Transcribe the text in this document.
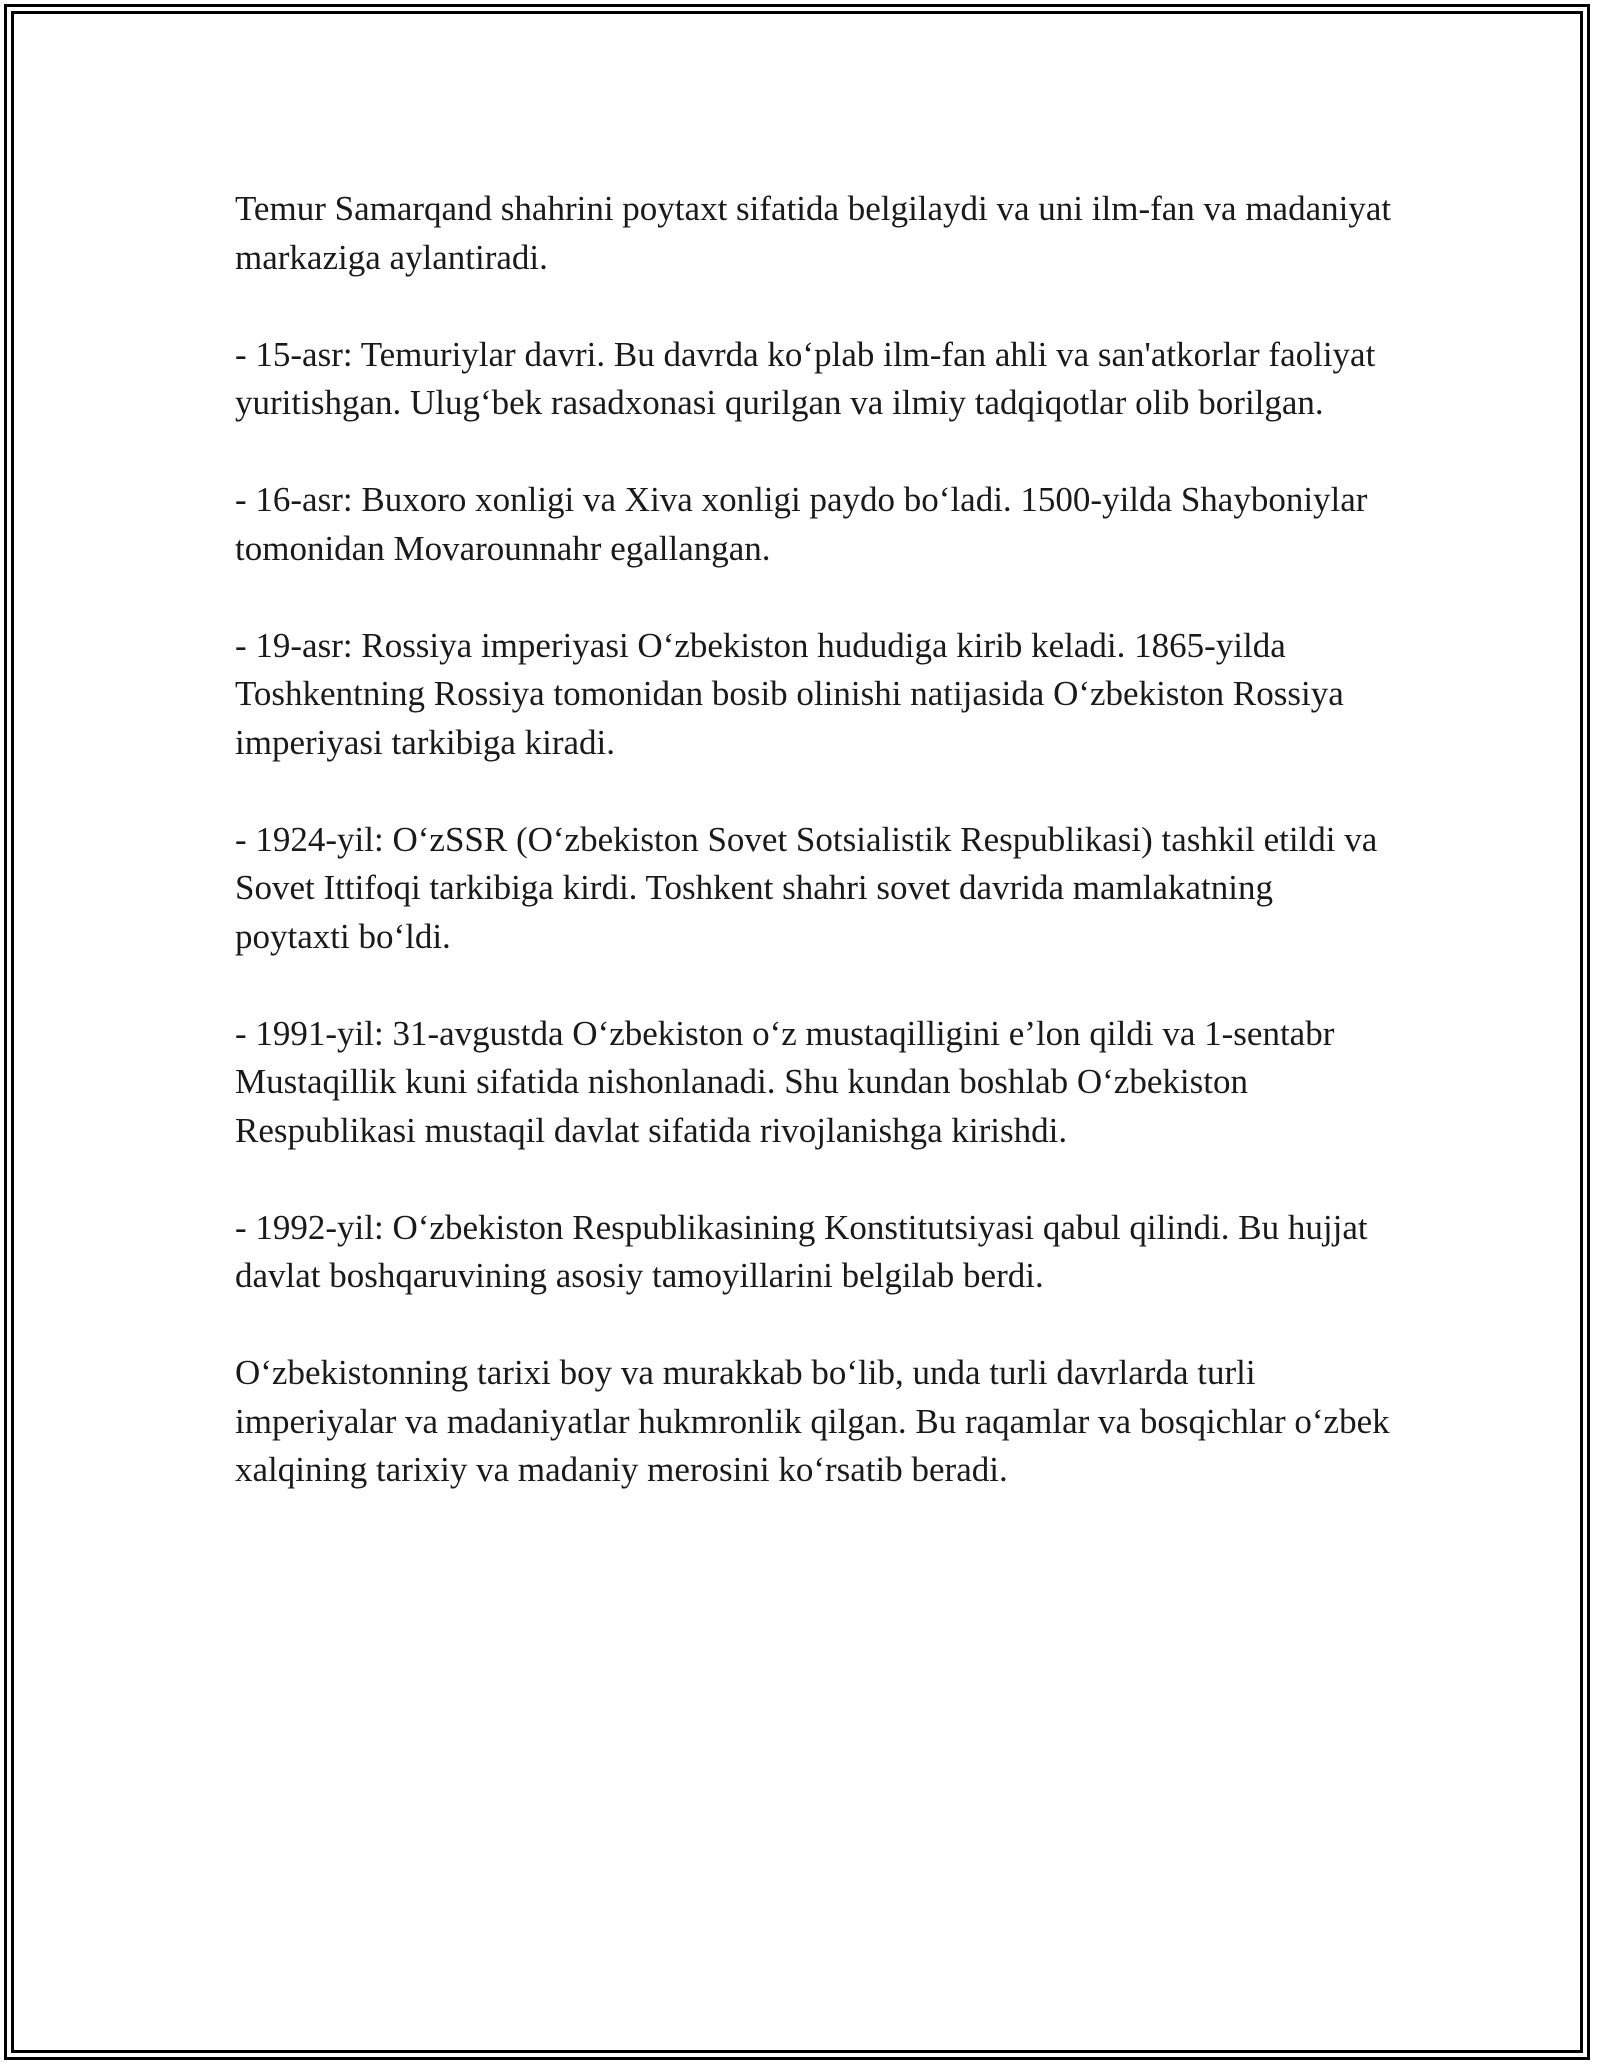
Temur Samarqand shahrini poytaxt sifatida belgilaydi va uni ilm-fan va madaniyat markaziga aylantiradi.

- 15-asr: Temuriylar davri. Bu davrda ko‘plab ilm-fan ahli va san'atkorlar faoliyat yuritishgan. Ulug‘bek rasadxonasi qurilgan va ilmiy tadqiqotlar olib borilgan.

- 16-asr: Buxoro xonligi va Xiva xonligi paydo bo‘ladi. 1500-yilda Shayboniylar tomonidan Movarounnahr egallangan.

- 19-asr: Rossiya imperiyasi O‘zbekiston hududiga kirib keladi. 1865-yilda Toshkentning Rossiya tomonidan bosib olinishi natijasida O‘zbekiston Rossiya imperiyasi tarkibiga kiradi.

- 1924-yil: O‘zSSR (O‘zbekiston Sovet Sotsialistik Respublikasi) tashkil etildi va Sovet Ittifoqi tarkibiga kirdi. Toshkent shahri sovet davrida mamlakatning poytaxti bo‘ldi.

- 1991-yil: 31-avgustda O‘zbekiston o‘z mustaqilligini e’lon qildi va 1-sentabr Mustaqillik kuni sifatida nishonlanadi. Shu kundan boshlab O‘zbekiston Respublikasi mustaqil davlat sifatida rivojlanishga kirishdi.

- 1992-yil: O‘zbekiston Respublikasining Konstitutsiyasi qabul qilindi. Bu hujjat davlat boshqaruvining asosiy tamoyillarini belgilab berdi.

O‘zbekistonning tarixi boy va murakkab bo‘lib, unda turli davrlarda turli imperiyalar va madaniyatlar hukmronlik qilgan. Bu raqamlar va bosqichlar o‘zbek xalqining tarixiy va madaniy merosini ko‘rsatib beradi.
